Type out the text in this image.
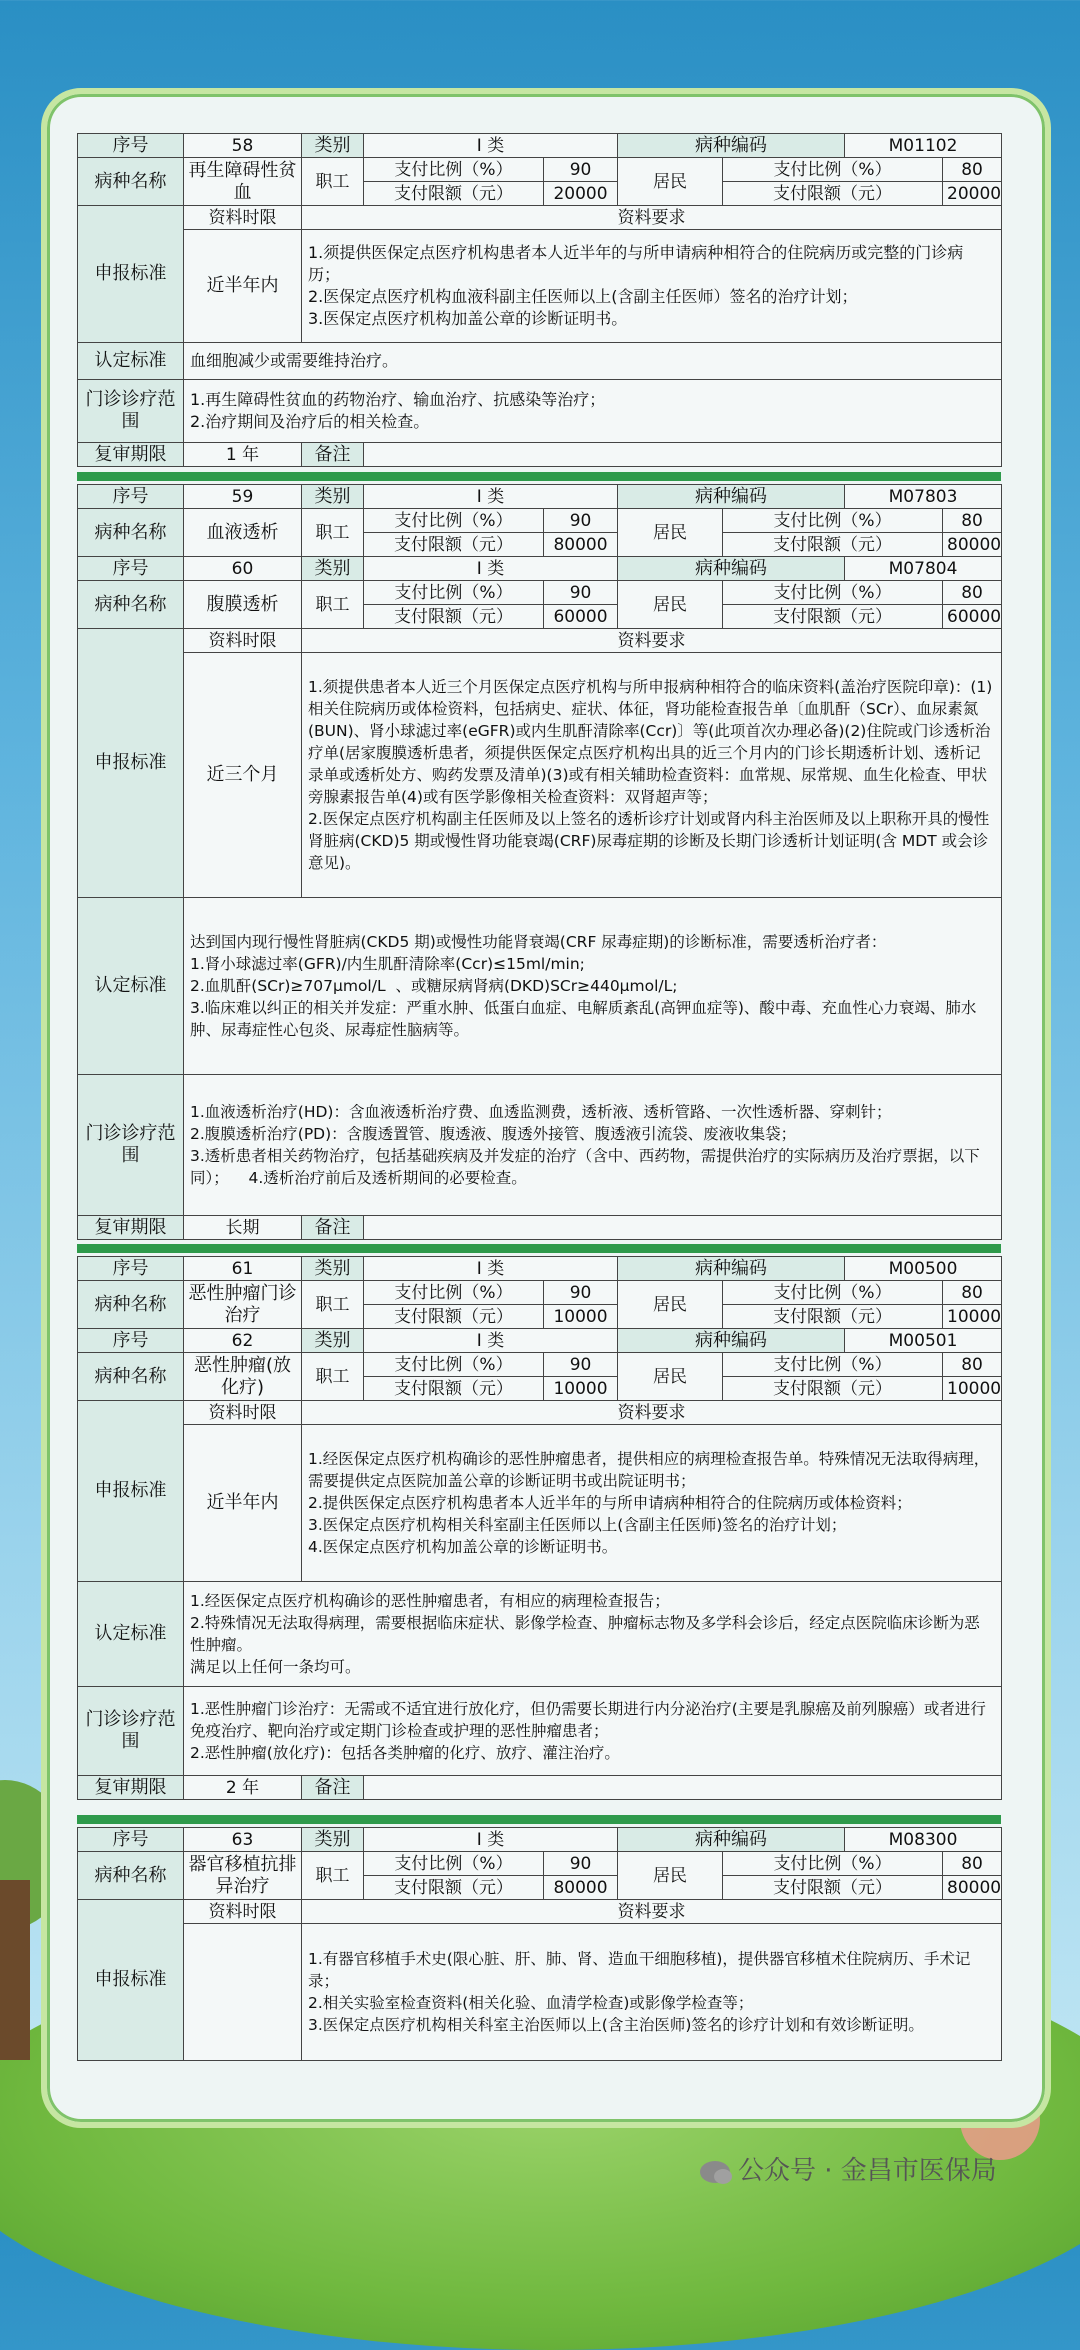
序号	58	类别	I 类		病种编码		M01102	
病种名称	再生障碍性贫血	职工	支付比例（%）	90	居民	支付比例（%）		80
			支付限额（元）	20000		支付限额（元）		20000
申报标准	资料时限	资料要求						
	近半年内	1.须提供医保定点医疗机构患者本人近半年的与所申请病种相符合的住院病历或完整的门诊病历；
2.医保定点医疗机构血液科副主任医师以上(含副主任医师）签名的治疗计划；
3.医保定点医疗机构加盖公章的诊断证明书。						
认定标准	血细胞减少或需要维持治疗。							
门诊诊疗范围	1.再生障碍性贫血的药物治疗、输血治疗、抗感染等治疗；
2.治疗期间及治疗后的相关检查。							
复审期限	1 年	备注						
序号	59	类别	I 类		病种编码		M07803	
病种名称	血液透析	职工	支付比例（%）	90	居民	支付比例（%）		80
			支付限额（元）	80000		支付限额（元）		80000
序号	60	类别	I 类		病种编码		M07804	
病种名称	腹膜透析	职工	支付比例（%）	90	居民	支付比例（%）		80
			支付限额（元）	60000		支付限额（元）		60000
申报标准	资料时限	资料要求						
	近三个月	1.须提供患者本人近三个月医保定点医疗机构与所申报病种相符合的临床资料(盖治疗医院印章)：(1)相关住院病历或体检资料，包括病史、症状、体征，肾功能检查报告单〔血肌酐（SCr）、血尿素氮(BUN)、肾小球滤过率(eGFR)或内生肌酐清除率(Ccr)〕等(此项首次办理必备)(2)住院或门诊透析治疗单(居家腹膜透析患者，须提供医保定点医疗机构出具的近三个月内的门诊长期透析计划、透析记录单或透析处方、购药发票及清单)(3)或有相关辅助检查资料：血常规、尿常规、血生化检查、甲状旁腺素报告单(4)或有医学影像相关检查资料：双肾超声等；
2.医保定点医疗机构副主任医师及以上签名的透析诊疗计划或肾内科主治医师及以上职称开具的慢性肾脏病(CKD)5 期或慢性肾功能衰竭(CRF)尿毒症期的诊断及长期门诊透析计划证明(含 MDT 或会诊意见)。						
认定标准	达到国内现行慢性肾脏病(CKD5 期)或慢性功能肾衰竭(CRF 尿毒症期)的诊断标准，需要透析治疗者：
1.肾小球滤过率(GFR)/内生肌酐清除率(Ccr)≤15ml/min;
2.血肌酐(SCr)≥707μmol/L  、或糖尿病肾病(DKD)SCr≥440μmol/L;
3.临床难以纠正的相关并发症：严重水肿、低蛋白血症、电解质紊乱(高钾血症等)、酸中毒、充血性心力衰竭、肺水肿、尿毒症性心包炎、尿毒症性脑病等。							
门诊诊疗范围	1.血液透析治疗(HD)：含血液透析治疗费、血透监测费，透析液、透析管路、一次性透析器、穿刺针；
2.腹膜透析治疗(PD)：含腹透置管、腹透液、腹透外接管、腹透液引流袋、废液收集袋；
3.透析患者相关药物治疗，包括基础疾病及并发症的治疗（含中、西药物，需提供治疗的实际病历及治疗票据，以下同）；    4.透析治疗前后及透析期间的必要检查。							
复审期限	长期	备注						
序号	61	类别	I 类		病种编码		M00500	
病种名称	恶性肿瘤门诊治疗	职工	支付比例（%）	90	居民	支付比例（%）		80
			支付限额（元）	10000		支付限额（元）		10000
序号	62	类别	I 类		病种编码		M00501	
病种名称	恶性肿瘤(放化疗)	职工	支付比例（%）	90	居民	支付比例（%）		80
			支付限额（元）	10000		支付限额（元）		10000
申报标准	资料时限	资料要求						
	近半年内	1.经医保定点医疗机构确诊的恶性肿瘤患者，提供相应的病理检查报告单。特殊情况无法取得病理，需要提供定点医院加盖公章的诊断证明书或出院证明书；
2.提供医保定点医疗机构患者本人近半年的与所申请病种相符合的住院病历或体检资料；
3.医保定点医疗机构相关科室副主任医师以上(含副主任医师)签名的治疗计划；
4.医保定点医疗机构加盖公章的诊断证明书。						
认定标准	1.经医保定点医疗机构确诊的恶性肿瘤患者，有相应的病理检查报告；
2.特殊情况无法取得病理，需要根据临床症状、影像学检查、肿瘤标志物及多学科会诊后，经定点医院临床诊断为恶性肿瘤。
满足以上任何一条均可。							
门诊诊疗范围	1.恶性肿瘤门诊治疗：无需或不适宜进行放化疗，但仍需要长期进行内分泌治疗(主要是乳腺癌及前列腺癌）或者进行免疫治疗、靶向治疗或定期门诊检查或护理的恶性肿瘤患者；
2.恶性肿瘤(放化疗)：包括各类肿瘤的化疗、放疗、灌注治疗。							
复审期限	2 年	备注						
序号	63	类别	I 类		病种编码		M08300	
病种名称	器官移植抗排异治疗	职工	支付比例（%）	90	居民	支付比例（%）		80
			支付限额（元）	80000		支付限额（元）		80000
申报标准	资料时限	资料要求						
		1.有器官移植手术史(限心脏、肝、肺、肾、造血干细胞移植)，提供器官移植术住院病历、手术记录；
2.相关实验室检查资料(相关化验、血清学检查)或影像学检查等；
3.医保定点医疗机构相关科室主治医师以上(含主治医师)签名的诊疗计划和有效诊断证明。						
公众号 · 金昌市医保局
